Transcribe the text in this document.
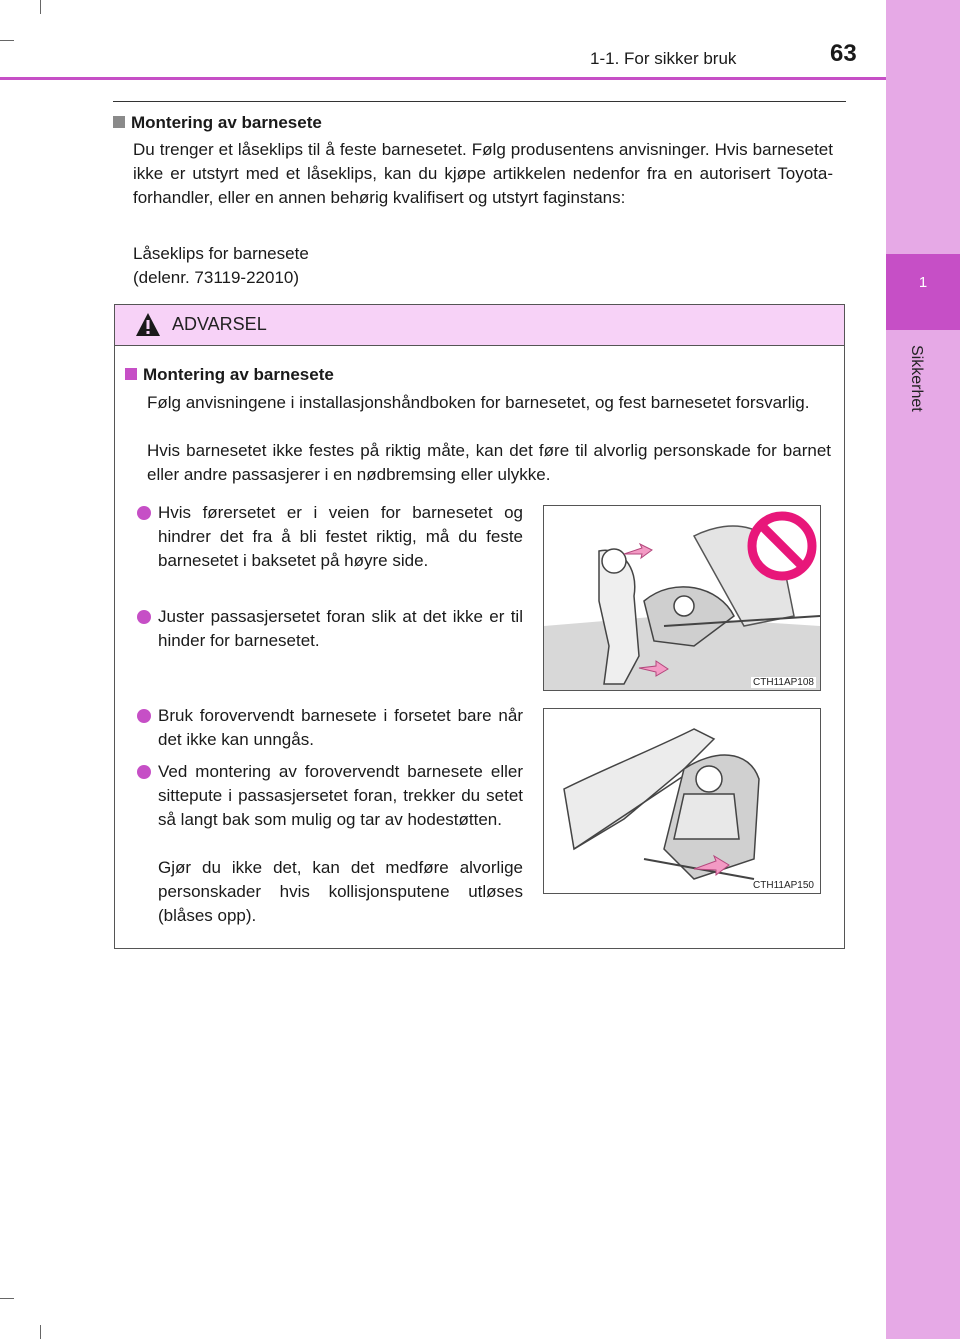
1
Sikkerhet
1-1. For sikker bruk	63
Montering av barnesete
Du trenger et låseklips til å feste barnesetet. Følg produsentens anvisninger. Hvis barnesetet ikke er utstyrt med et låseklips, kan du kjøpe artikkelen nedenfor fra en autorisert Toyota-forhandler, eller en annen behørig kvalifisert og utstyrt faginstans:
Låseklips for barnesete
(delenr. 73119-22010)
ADVARSEL
Montering av barnesete
Følg anvisningene i installasjonshåndboken for barnesetet, og fest barnesetet forsvarlig.
Hvis barnesetet ikke festes på riktig måte, kan det føre til alvorlig personskade for barnet eller andre passasjerer i en nødbremsing eller ulykke.
Hvis førersetet er i veien for barnesetet og hindrer det fra å bli festet riktig, må du feste barnesetet i baksetet på høyre side.
Juster passasjersetet foran slik at det ikke er til hinder for barnesetet.
CTH11AP108
Bruk forovervendt barnesete i forsetet bare når det ikke kan unngås.
Ved montering av forovervendt barnesete eller sittepute i passasjersetet foran, trekker du setet så langt bak som mulig og tar av hodestøtten.
Gjør du ikke det, kan det medføre alvorlige personskader hvis kollisjonsputene utløses (blåses opp).
CTH11AP150
